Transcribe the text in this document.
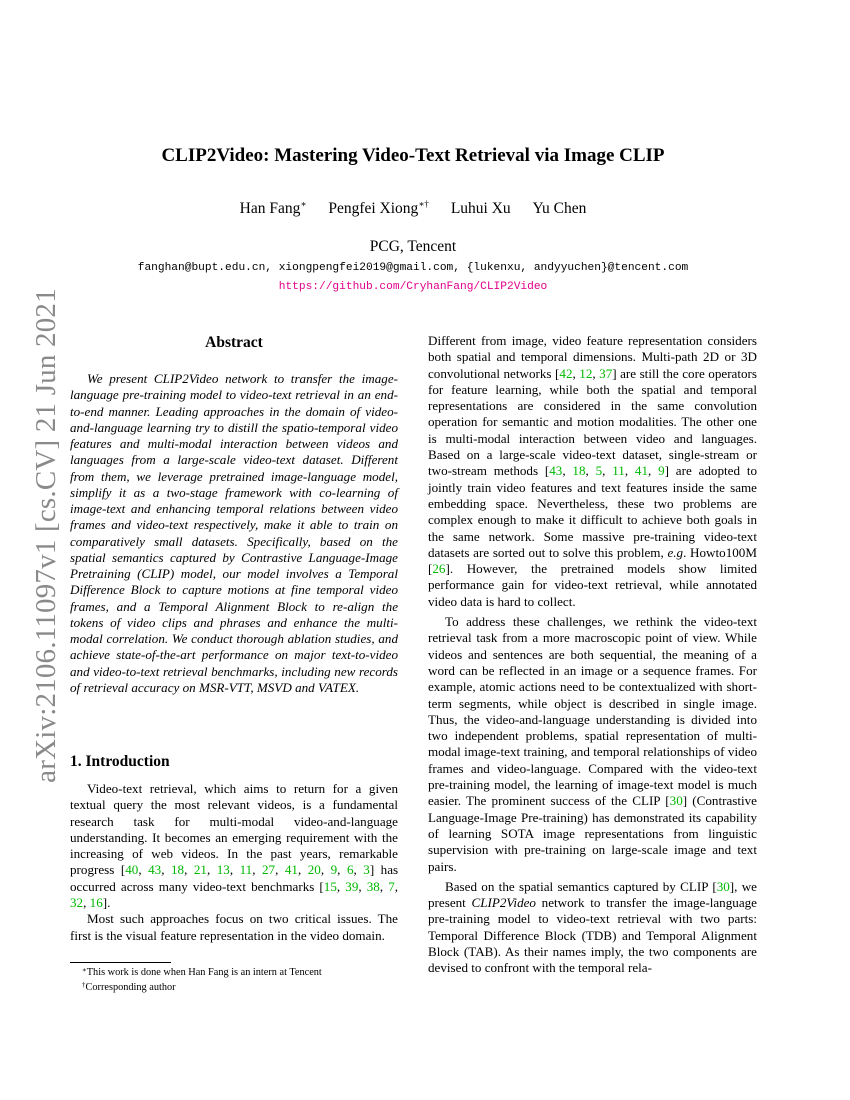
arXiv:2106.11097v1 [cs.CV] 21 Jun 2021
CLIP2Video: Mastering Video-Text Retrieval via Image CLIP
Han Fang∗ Pengfei Xiong∗† Luhui Xu Yu Chen
PCG, Tencent
fanghan@bupt.edu.cn, xiongpengfei2019@gmail.com, {lukenxu, andyyuchen}@tencent.com
https://github.com/CryhanFang/CLIP2Video
Abstract

We present CLIP2Video network to transfer the image-language pre-training model to video-text retrieval in an end-to-end manner. Leading approaches in the domain of video-and-language learning try to distill the spatio-temporal video features and multi-modal interaction between videos and languages from a large-scale video-text dataset. Different from them, we leverage pretrained image-language model, simplify it as a two-stage framework with co-learning of image-text and enhancing temporal relations between video frames and video-text respectively, make it able to train on comparatively small datasets. Specifically, based on the spatial semantics captured by Contrastive Language-Image Pretraining (CLIP) model, our model involves a Temporal Difference Block to capture motions at fine temporal video frames, and a Temporal Alignment Block to re-align the tokens of video clips and phrases and enhance the multi-modal correlation. We conduct thorough ablation studies, and achieve state-of-the-art performance on major text-to-video and video-to-text retrieval benchmarks, including new records of retrieval accuracy on MSR-VTT, MSVD and VATEX.

1. Introduction

Video-text retrieval, which aims to return for a given textual query the most relevant videos, is a fundamental research task for multi-modal video-and-language understanding. It becomes an emerging requirement with the increasing of web videos. In the past years, remarkable progress [40, 43, 18, 21, 13, 11, 27, 41, 20, 9, 6, 3] has occurred across many video-text benchmarks [15, 39, 38, 7, 32, 16].

Most such approaches focus on two critical issues. The first is the visual feature representation in the video domain.

∗This work is done when Han Fang is an intern at Tencent
†Corresponding author

Different from image, video feature representation considers both spatial and temporal dimensions. Multi-path 2D or 3D convolutional networks [42, 12, 37] are still the core operators for feature learning, while both the spatial and temporal representations are considered in the same convolution operation for semantic and motion modalities. The other one is multi-modal interaction between video and languages. Based on a large-scale video-text dataset, single-stream or two-stream methods [43, 18, 5, 11, 41, 9] are adopted to jointly train video features and text features inside the same embedding space. Nevertheless, these two problems are complex enough to make it difficult to achieve both goals in the same network. Some massive pre-training video-text datasets are sorted out to solve this problem, e.g. Howto100M [26]. However, the pretrained models show limited performance gain for video-text retrieval, while annotated video data is hard to collect.

To address these challenges, we rethink the video-text retrieval task from a more macroscopic point of view. While videos and sentences are both sequential, the meaning of a word can be reflected in an image or a sequence frames. For example, atomic actions need to be contextualized with short-term segments, while object is described in single image. Thus, the video-and-language understanding is divided into two independent problems, spatial representation of multi-modal image-text training, and temporal relationships of video frames and video-language. Compared with the video-text pre-training model, the learning of image-text model is much easier. The prominent success of the CLIP [30] (Contrastive Language-Image Pre-training) has demonstrated its capability of learning SOTA image representations from linguistic supervision with pre-training on large-scale image and text pairs.

Based on the spatial semantics captured by CLIP [30], we present CLIP2Video network to transfer the image-language pre-training model to video-text retrieval with two parts: Temporal Difference Block (TDB) and Temporal Alignment Block (TAB). As their names imply, the two components are devised to confront with the temporal rela-
